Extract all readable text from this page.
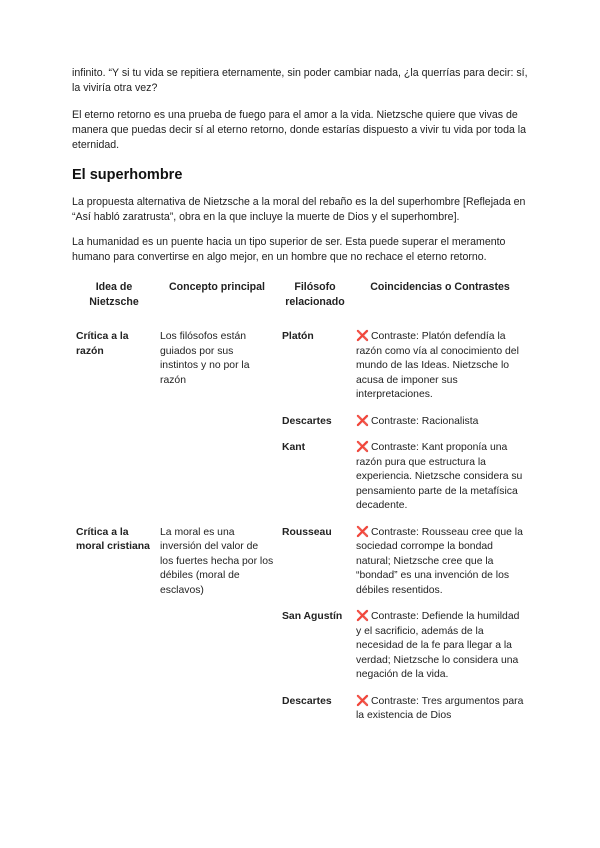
infinito. “Y si tu vida se repitiera eternamente, sin poder cambiar nada, ¿la querrías para decir: sí, la viviría otra vez?

El eterno retorno es una prueba de fuego para el amor a la vida. Nietzsche quiere que vivas de manera que puedas decir sí al eterno retorno, donde estarías dispuesto a vivir tu vida por toda la eternidad.

El superhombre

La propuesta alternativa de Nietzsche a la moral del rebaño es la del superhombre [Reflejada en “Así habló zaratrusta”, obra en la que incluye la muerte de Dios y el superhombre].

La humanidad es un puente hacia un tipo superior de ser. Esta puede superar el meramento humano para convertirse en algo mejor, en un hombre que no rechace el eterno retorno.

Idea de Nietzsche	Concepto principal	Filósofo relacionado	Coincidencias o Contrastes
Crítica a la razón	Los filósofos están guiados por sus instintos y no por la razón	Platón	❌ Contraste: Platón defendía la razón como vía al conocimiento del mundo de las Ideas. Nietzsche lo acusa de imponer sus interpretaciones.
		Descartes	❌ Contraste: Racionalista
		Kant	❌ Contraste: Kant proponía una razón pura que estructura la experiencia. Nietzsche considera su pensamiento parte de la metafísica decadente.
Crítica a la moral cristiana	La moral es una inversión del valor de los fuertes hecha por los débiles (moral de esclavos)	Rousseau	❌ Contraste: Rousseau cree que la sociedad corrompe la bondad natural; Nietzsche cree que la “bondad” es una invención de los débiles resentidos.
		San Agustín	❌ Contraste: Defiende la humildad y el sacrificio, además de la necesidad de la fe para llegar a la verdad; Nietzsche lo considera una negación de la vida.
		Descartes	❌ Contraste: Tres argumentos para la existencia de Dios
